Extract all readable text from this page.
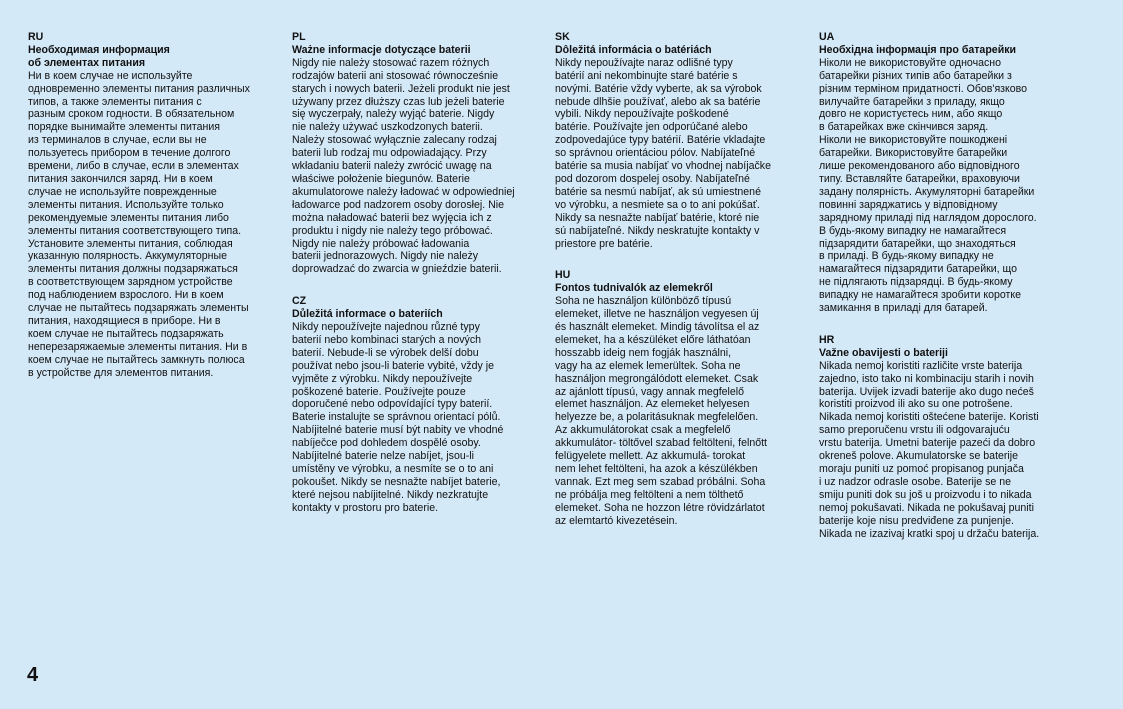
RU
Необходимая информация
об элементах питания
Ни в коем случае не используйте
одновременно элементы питания различных
типов, а также элементы питания с
разным сроком годности. В обязательном
порядке вынимайте элементы питания
из терминалов в случае, если вы не
пользуетесь прибором в течение долгого
времени, либо в случае, если в элементах
питания закончился заряд. Ни в коем
случае не используйте поврежденные
элементы питания. Используйте только
рекомендуемые элементы питания либо
элементы питания соответствующего типа.
Установите элементы питания, соблюдая
указанную полярность. Аккумуляторные
элементы питания должны подзаряжаться
в соответствующем зарядном устройстве
под наблюдением взрослого. Ни в коем
случае не пытайтесь подзаряжать элементы
питания, находящиеся в приборе. Ни в
коем случае не пытайтесь подзаряжать
неперезаряжаемые элементы питания. Ни в
коем случае не пытайтесь замкнуть полюса
в устройстве для элементов питания.
PL
Ważne informacje dotyczące baterii
Nigdy nie należy stosować razem różnych
rodzajów baterii ani stosować równocześnie
starych i nowych baterii. Jeżeli produkt nie jest
używany przez dłuższy czas lub jeżeli baterie
się wyczerpały, należy wyjąć baterie. Nigdy
nie należy używać uszkodzonych baterii.
Należy stosować wyłącznie zalecany rodzaj
baterii lub rodzaj mu odpowiadający. Przy
wkładaniu baterii należy zwrócić uwagę na
właściwe położenie biegunów. Baterie
akumulatorowe należy ładować w odpowiedniej
ładowarce pod nadzorem osoby dorosłej. Nie
można naładować baterii bez wyjęcia ich z
produktu i nigdy nie należy tego próbować.
Nigdy nie należy próbować ładowania
baterii jednorazowych. Nigdy nie należy
doprowadzać do zwarcia w gnieździe baterii.
CZ
Důležitá informace o bateriích
Nikdy nepoužívejte najednou různé typy
baterií nebo kombinaci starých a nových
baterií. Nebude-li se výrobek delší dobu
používat nebo jsou-li baterie vybité, vždy je
vyjměte z výrobku. Nikdy nepoužívejte
poškozené baterie. Používejte pouze
doporučené nebo odpovídající typy baterií.
Baterie instalujte se správnou orientací pólů.
Nabíjitelné baterie musí být nabity ve vhodné
nabíječce pod dohledem dospělé osoby.
Nabíjitelné baterie nelze nabíjet, jsou-li
umístěny ve výrobku, a nesmíte se o to ani
pokoušet. Nikdy se nesnažte nabíjet baterie,
které nejsou nabíjitelné. Nikdy nezkratujte
kontakty v prostoru pro baterie.
SK
Dôležitá informácia o batériách
Nikdy nepoužívajte naraz odlišné typy
batérií ani nekombinujte staré batérie s
novými. Batérie vždy vyberte, ak sa výrobok
nebude dlhšie používať, alebo ak sa batérie
vybili. Nikdy nepoužívajte poškodené
batérie. Používajte jen odporúčané alebo
zodpovedajúce typy batérií. Batérie vkladajte
so správnou orientáciou pólov. Nabíjateľné
batérie sa musia nabíjať vo vhodnej nabíjačke
pod dozorom dospelej osoby. Nabíjateľné
batérie sa nesmú nabíjať, ak sú umiestnené
vo výrobku, a nesmiete sa o to ani pokúšať.
Nikdy sa nesnažte nabíjať batérie, ktoré nie
sú nabíjateľné. Nikdy neskratujte kontakty v
priestore pre batérie.
HU
Fontos tudnivalók az elemekről
Soha ne használjon különböző típusú
elemeket, illetve ne használjon vegyesen új
és használt elemeket. Mindig távolítsa el az
elemeket, ha a készüléket előre láthatóan
hosszabb ideig nem fogják használni,
vagy ha az elemek lemerültek. Soha ne
használjon megrongálódott elemeket. Csak
az ajánlott típusú, vagy annak megfelelő
elemet használjon. Az elemeket helyesen
helyezze be, a polaritásuknak megfelelően.
Az akkumulátorokat csak a megfelelő
akkumulátor- töltővel szabad feltölteni, felnőtt
felügyelete mellett. Az akkumulá- torokat
nem lehet feltölteni, ha azok a készülékben
vannak. Ezt meg sem szabad próbálni. Soha
ne próbálja meg feltölteni a nem tölthető
elemeket. Soha ne hozzon létre rövidzárlatot
az elemtartó kivezetésein.
UA
Необхідна інформація про батарейки
Ніколи не використовуйте одночасно
батарейки різних типів або батарейки з
різним терміном придатності. Обов'язково
вилучайте батарейки з приладу, якщо
довго не користуєтесь ним, або якщо
в батарейках вже скінчився заряд.
Ніколи не використовуйте пошкоджені
батарейки. Використовуйте батарейки
лише рекомендованого або відповідного
типу. Вставляйте батарейки, враховуючи
задану полярність. Акумуляторні батарейки
повинні заряджатись у відповідному
зарядному приладі під наглядом дорослого.
В будь-якому випадку не намагайтеся
підзарядити батарейки, що знаходяться
в приладі. В будь-якому випадку не
намагайтеся підзарядити батарейки, що
не підлягають підзарядці. В будь-якому
випадку не намагайтеся зробити коротке
замикання в приладі для батарей.
HR
Važne obavijesti o bateriji
Nikada nemoj koristiti različite vrste baterija
zajedno, isto tako ni kombinaciju starih i novih
baterija. Uvijek izvadi baterije ako dugo nećeš
koristiti proizvod ili ako su one potrošene.
Nikada nemoj koristiti oštećene baterije. Koristi
samo preporučenu vrstu ili odgovarajuću
vrstu baterija. Umetni baterije pazeći da dobro
okreneš polove. Akumulatorske se baterije
moraju puniti uz pomoć propisanog punjača
i uz nadzor odrasle osobe. Baterije se ne
smiju puniti dok su još u proizvodu i to nikada
nemoj pokušavati. Nikada ne pokušavaj puniti
baterije koje nisu predviđene za punjenje.
Nikada ne izazivaj kratki spoj u držaču baterija.
4
